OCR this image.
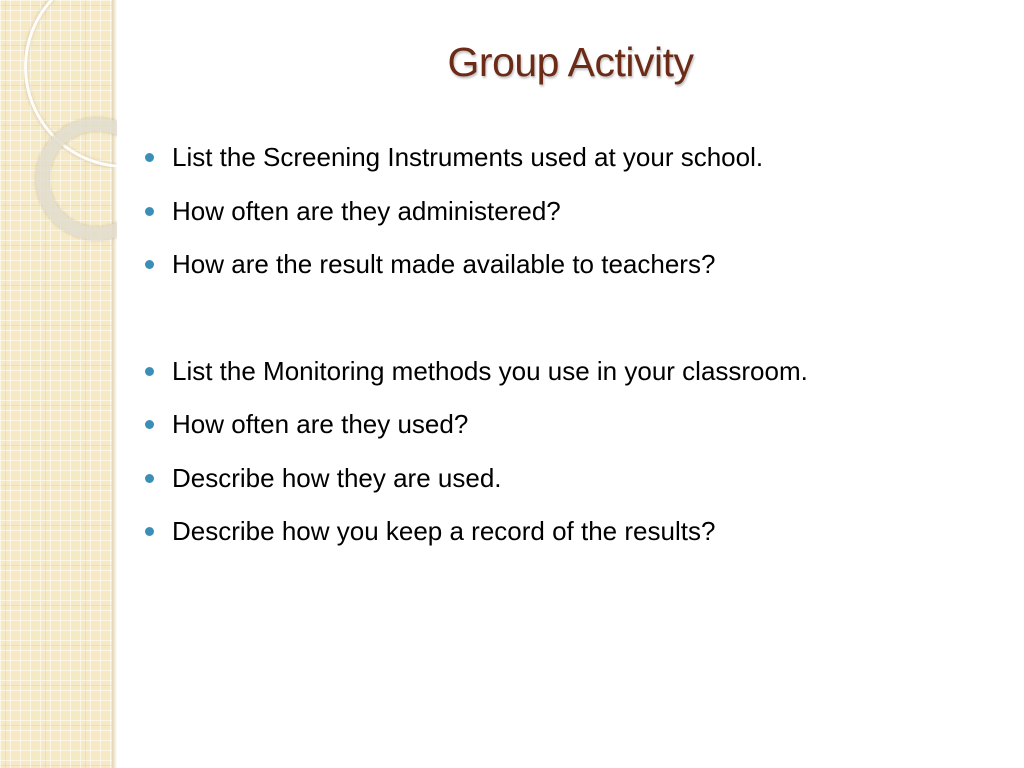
Group Activity
List the Screening Instruments used at your school.
How often are they administered?
How are the result made available to teachers?
List the Monitoring methods you use in your classroom.
How often are they used?
Describe how they are used.
Describe how you keep a record of the results?
